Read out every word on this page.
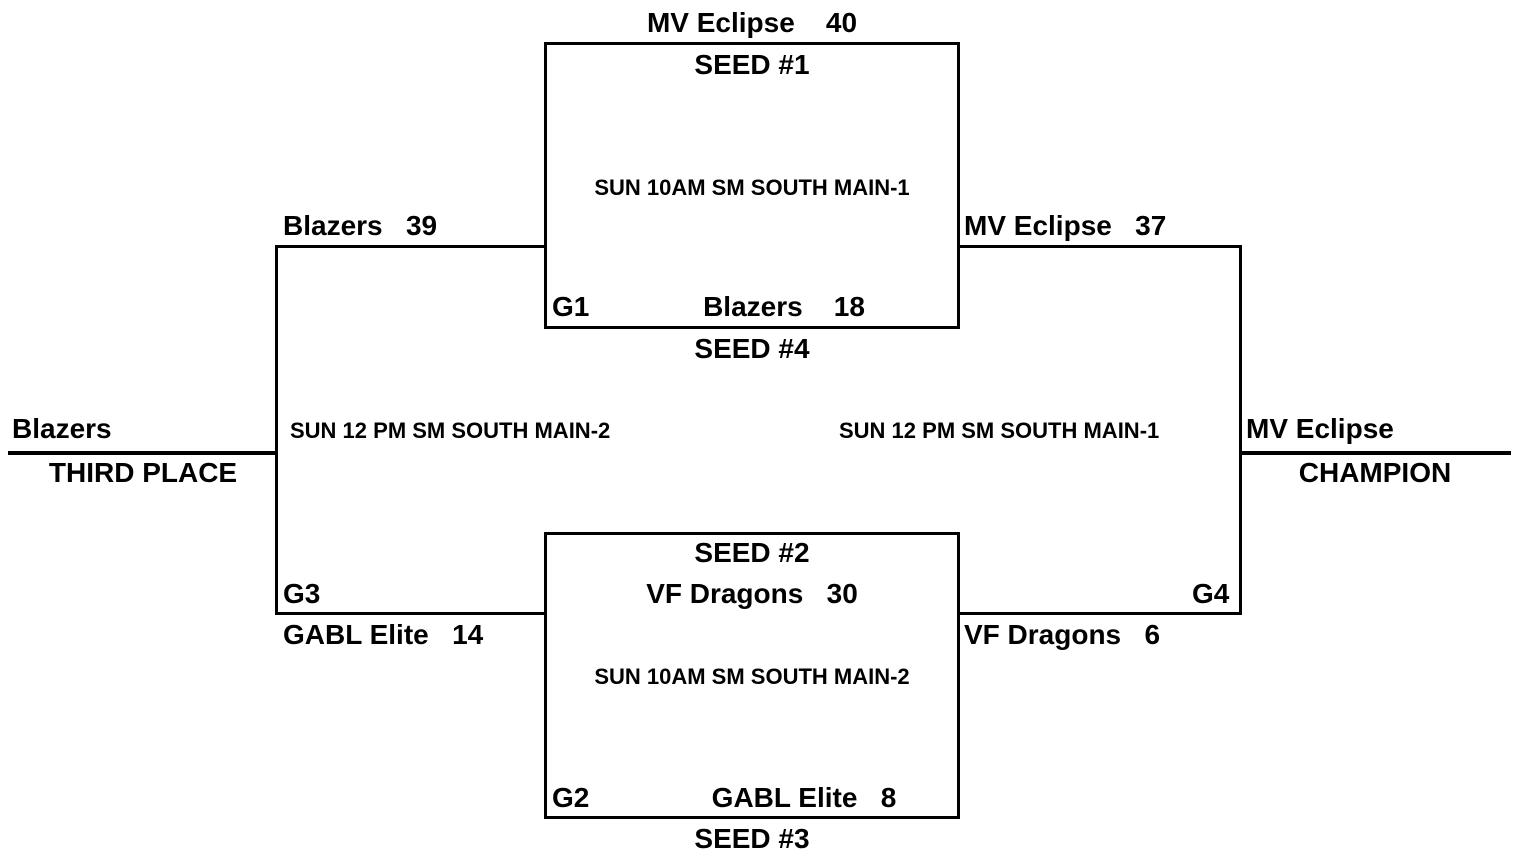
MV Eclipse    40
SEED #1
SUN 10AM SM SOUTH MAIN-1
G1	Blazers    18
SEED #4
SEED #2
VF Dragons   30
SUN 10AM SM SOUTH MAIN-2
G2	GABL Elite   8
SEED #3
Blazers   39
SUN 12 PM SM SOUTH MAIN-2
G3
GABL Elite   14
Blazers
THIRD PLACE
MV Eclipse   37
SUN 12 PM SM SOUTH MAIN-1
G4
VF Dragons   6
MV Eclipse
CHAMPION
